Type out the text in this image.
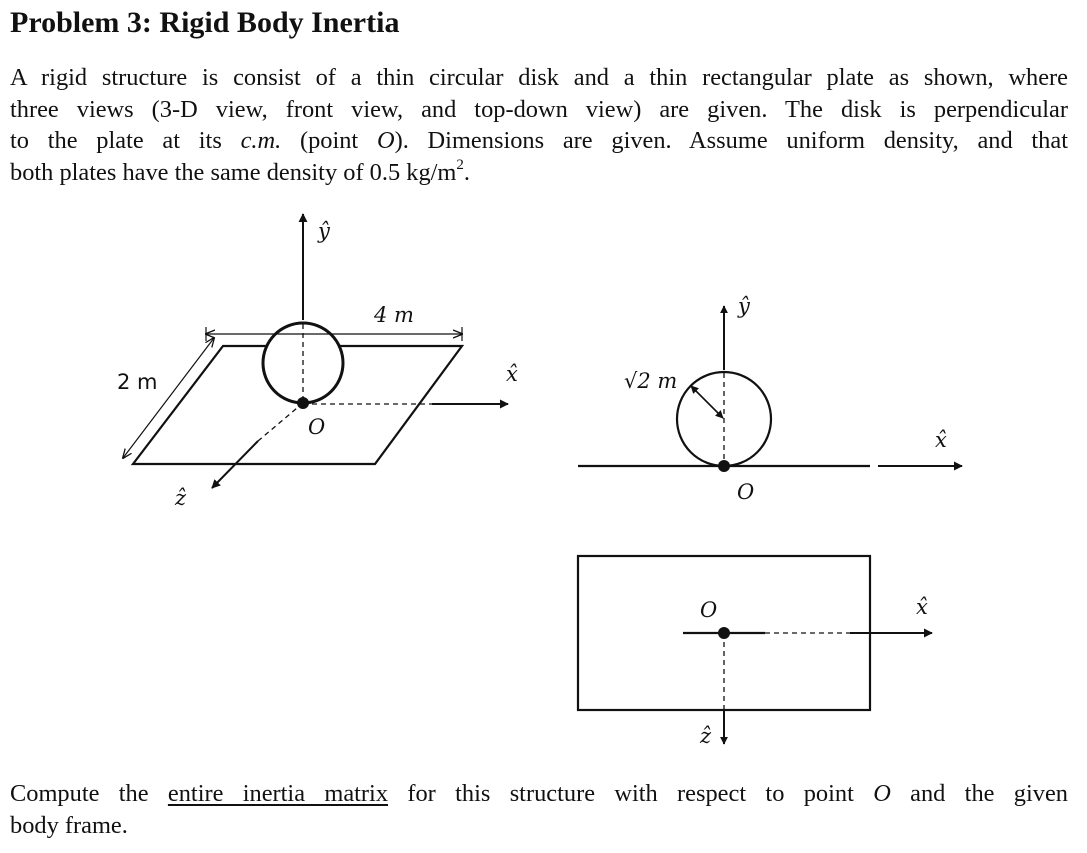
Problem 3: Rigid Body Inertia
A rigid structure is consist of a thin circular disk and a thin rectangular plate as shown, where
three views (3-D view, front view, and top-down view) are given. The disk is perpendicular
to the plate at its c.m. (point O). Dimensions are given. Assume uniform density, and that
both plates have the same density of 0.5 $kg/m^2$.
ŷ
4 m
2 m	x̂
O
ẑ
ŷ
√2 m
x̂
O
O	x̂
ẑ
Compute the entire inertia matrix for this structure with respect to point O and the given
body frame.
